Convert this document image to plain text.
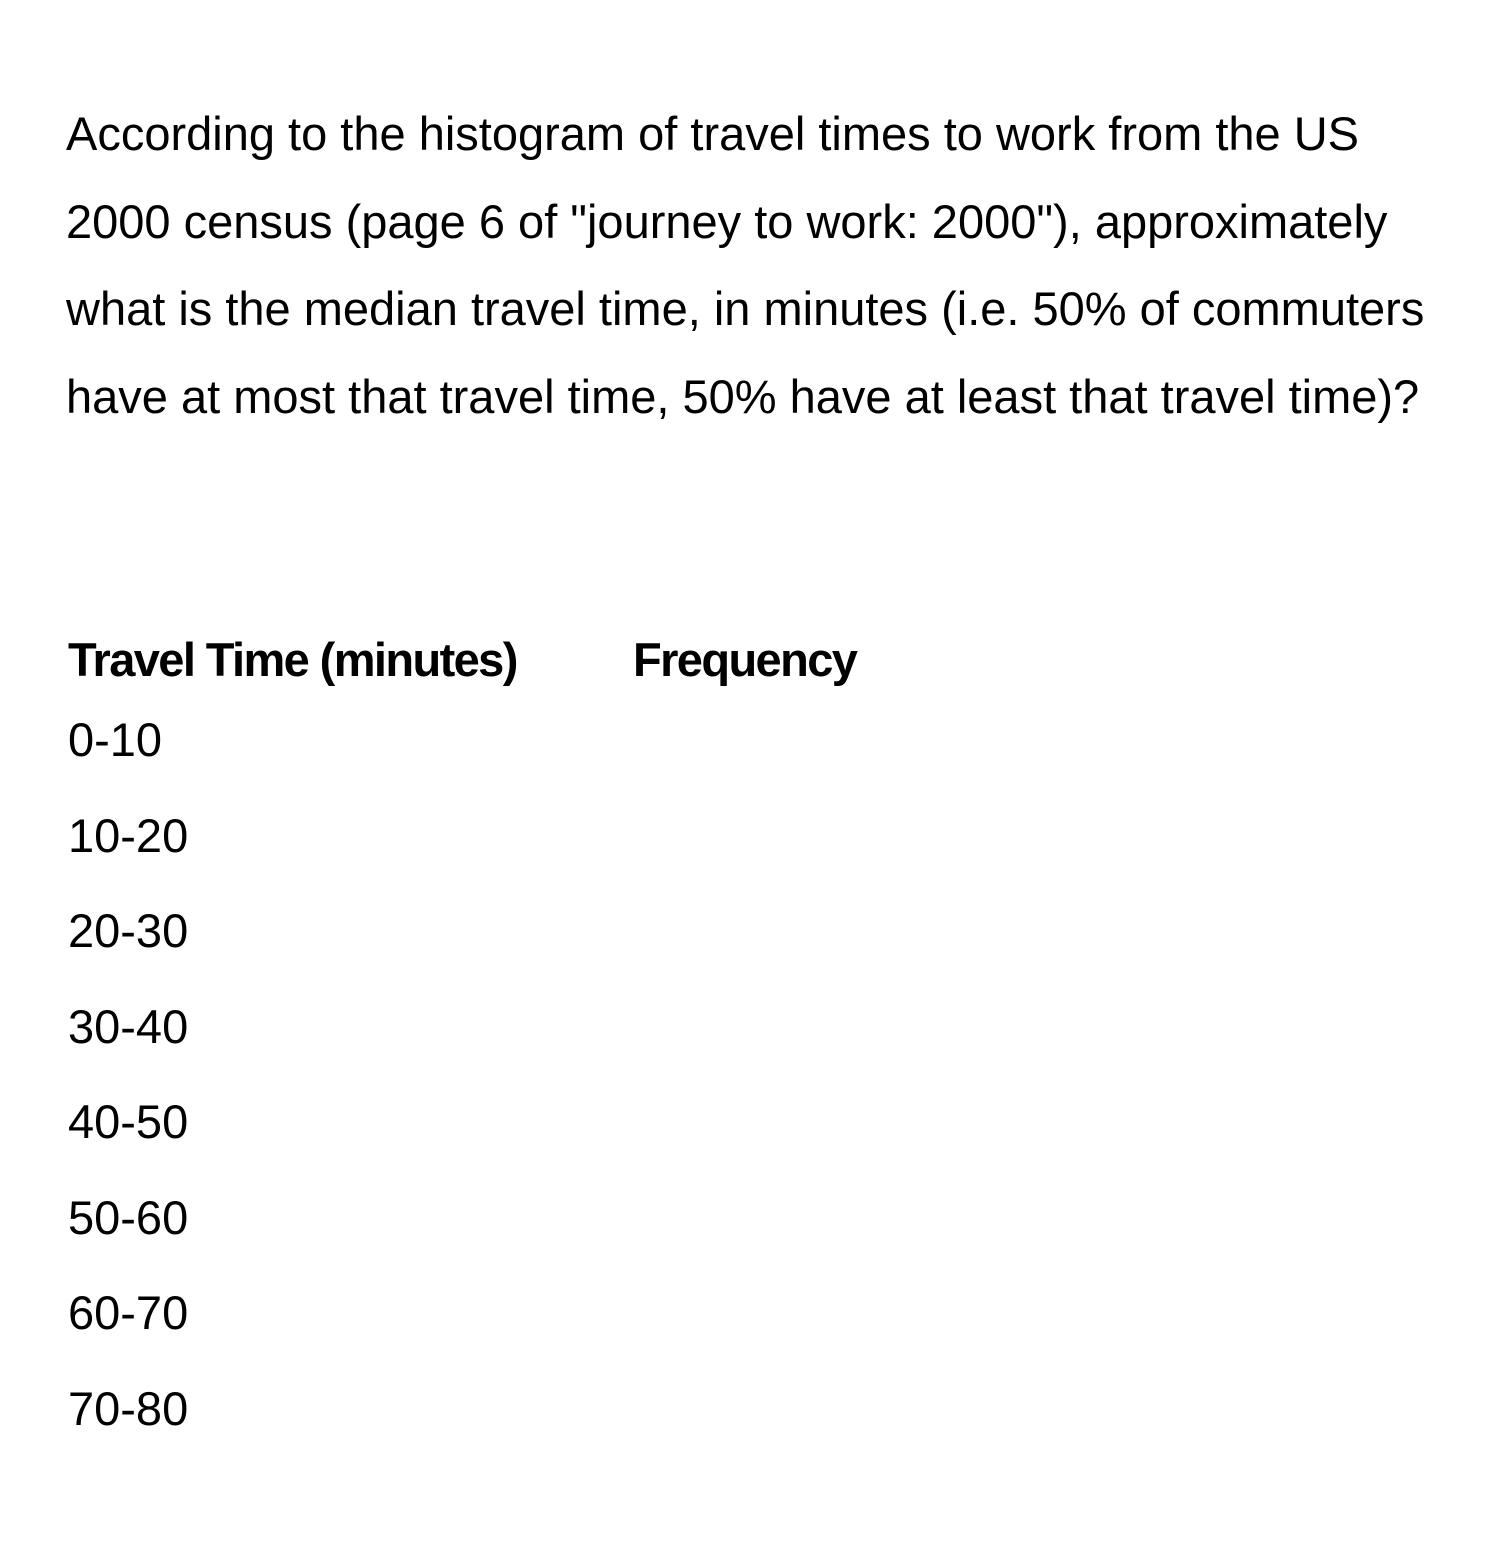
According to the histogram of travel times to work from the US 2000 census (page 6 of "journey to work: 2000"), approximately what is the median travel time, in minutes (i.e. 50% of commuters have at most that travel time, 50% have at least that travel time)?

Travel Time (minutes)	Frequency
0-10	
10-20	
20-30	
30-40	
40-50	
50-60	
60-70	
70-80	
